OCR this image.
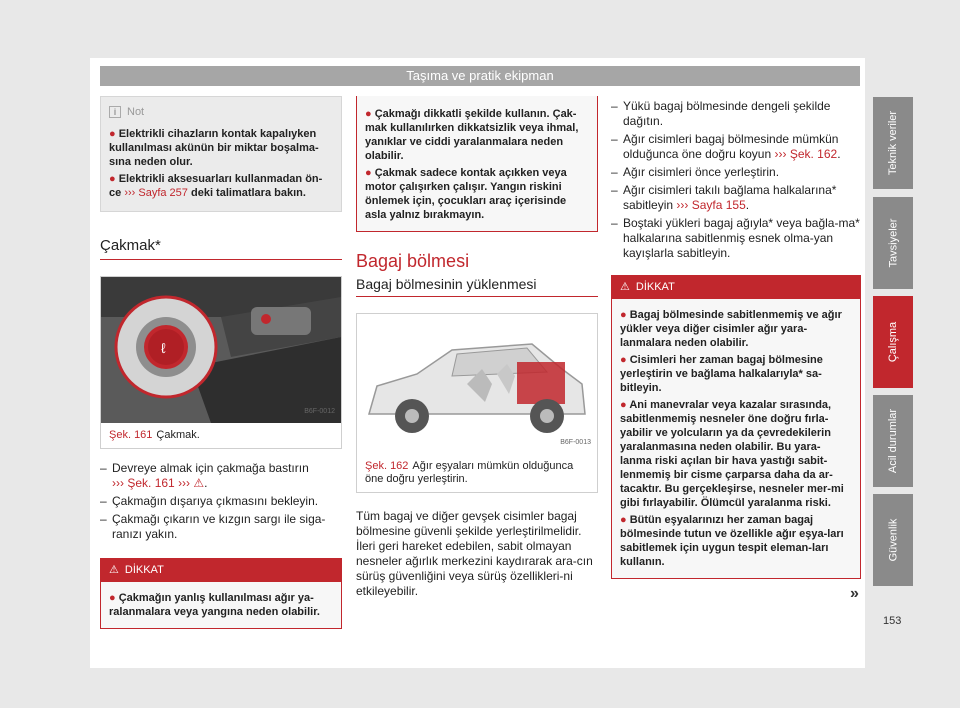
Taşıma ve pratik ekipman
i Not
● Elektrikli cihazların kontak kapalıyken kullanılması akünün bir miktar boşalma-sına neden olur.
● Elektrikli aksesuarları kullanmadan ön-ce ››› Sayfa 257 deki talimatlara bakın.
Çakmak*
ℓ
B6F-0012
Şek. 161 Çakmak.
– Devreye almak için çakmağa bastırın
››› Şek. 161 ››› ⚠.
– Çakmağın dışarıya çıkmasını bekleyin.
– Çakmağı çıkarın ve kızgın sargı ile siga-ranızı yakın.
⚠ DİKKAT
● Çakmağın yanlış kullanılması ağır ya-ralanmalara veya yangına neden olabilir.
● Çakmağı dikkatli şekilde kullanın. Çak-mak kullanılırken dikkatsizlik veya ihmal, yanıklar ve ciddi yaralanmalara neden olabilir.
● Çakmak sadece kontak açıkken veya motor çalışırken çalışır. Yangın riskini önlemek için, çocukları araç içerisinde asla yalnız bırakmayın.
Bagaj bölmesi
Bagaj bölmesinin yüklenmesi
B6F-0013
Şek. 162 Ağır eşyaları mümkün olduğunca öne doğru yerleştirin.

Tüm bagaj ve diğer gevşek cisimler bagaj bölmesine güvenli şekilde yerleştirilmelidir. İleri geri hareket edebilen, sabit olmayan nesneler ağırlık merkezini kaydırarak ara-cın sürüş güvenliğini veya sürüş özellikleri-ni etkileyebilir.

– Yükü bagaj bölmesinde dengeli şekilde dağıtın.
– Ağır cisimleri bagaj bölmesinde mümkün olduğunca öne doğru koyun ››› Şek. 162.
– Ağır cisimleri önce yerleştirin.
– Ağır cisimleri takılı bağlama halkalarına* sabitleyin ››› Sayfa 155.
– Boştaki yükleri bagaj ağıyla* veya bağla-ma* halkalarına sabitlenmiş esnek olma-yan kayışlarla sabitleyin.
⚠ DİKKAT
● Bagaj bölmesinde sabitlenmemiş ve ağır yükler veya diğer cisimler ağır yara-lanmalara neden olabilir.
● Cisimleri her zaman bagaj bölmesine yerleştirin ve bağlama halkalarıyla* sa-bitleyin.
● Ani manevralar veya kazalar sırasında, sabitlenmemiş nesneler öne doğru fırla-yabilir ve yolcuların ya da çevredekilerin yaralanmasına neden olabilir. Bu yara-lanma riski açılan bir hava yastığı sabit-lenmemiş bir cisme çarparsa daha da ar-tacaktır. Bu gerçekleşirse, nesneler mer-mi gibi fırlayabilir. Ölümcül yaralanma riski.
● Bütün eşyalarınızı her zaman bagaj bölmesinde tutun ve özellikle ağır eşya-ları sabitlemek için uygun tespit eleman-ları kullanın.
»
Teknik veriler
Tavsiyeler
Çalışma
Acil durumlar
Güvenlik
153
